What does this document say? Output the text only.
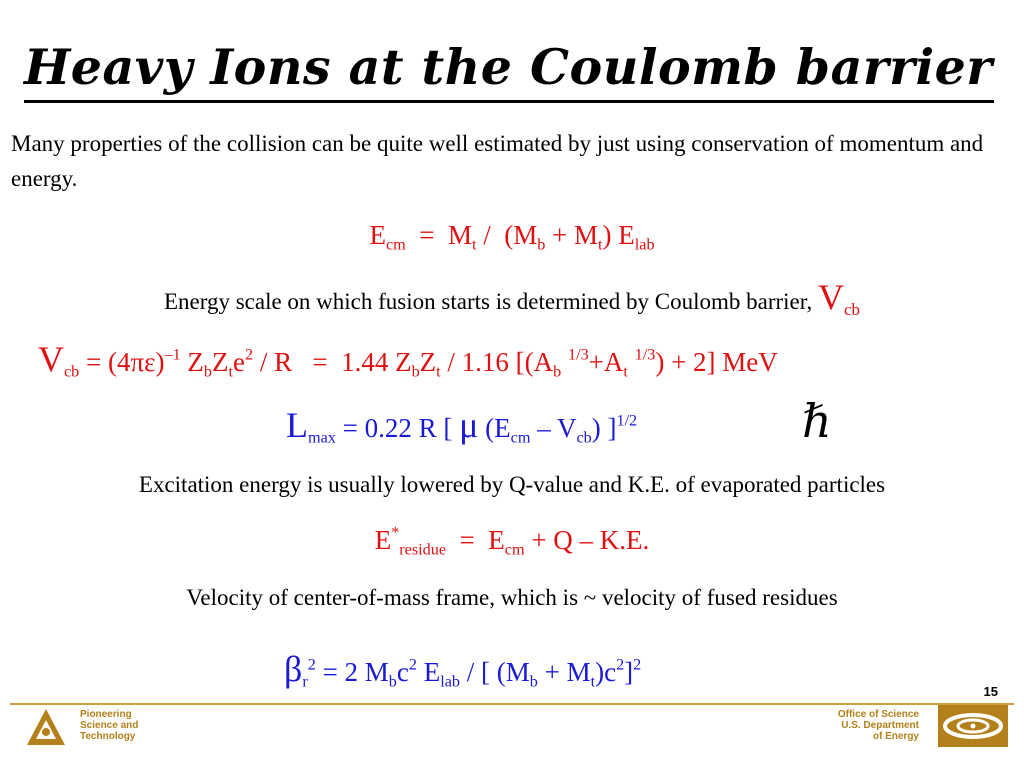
Heavy Ions at the Coulomb barrier
Many properties of the collision can be quite well estimated by just using conservation of momentum and energy.
$E_{cm} = M_t / (M_b + M_t)$ $E_{lab}$
Energy scale on which fusion starts is determined by Coulomb barrier, $V_{cb}$
$V_{cb} = (4\pi\varepsilon)^{-1}$ $Z_bZ_te^2 / R = 1.44$ $Z_bZ_t / 1.16$ [($A_b$ $^{1/3}+A_t$ $^{1/3}$) + 2] MeV
$L_{max} = 0.22$ R [ μ $(E_{cm} - V_{cb})$ ]$^{1/2}$	ℏ
Excitation energy is usually lowered by Q-value and K.E. of evaporated particles
$E^*_{residue} = E_{cm} + Q - K.E$.
Velocity of center-of-mass frame, which is ~ velocity of fused residues
$\beta_r^2 = 2$ $M_bc^2$ $E_{lab}$ / [ $(M_b + M_t)c^2]^2$
15
Pioneering
Science and
Technology
Office of Science
U.S. Department
of Energy
